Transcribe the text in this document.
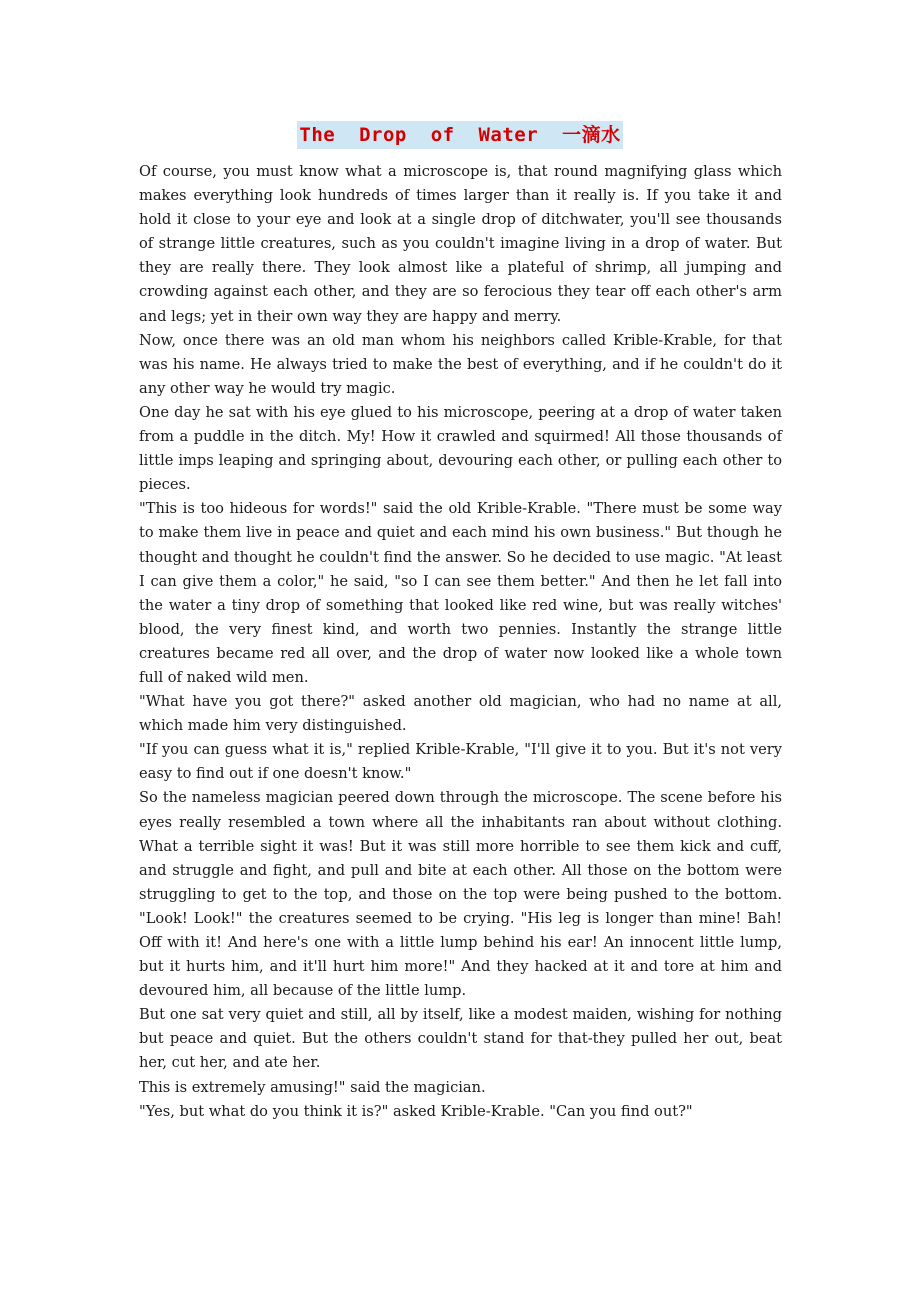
The  Drop  of  Water  一滴水

Of course, you must know what a microscope is, that round magnifying glass which makes everything look hundreds of times larger than it really is. If you take it and hold it close to your eye and look at a single drop of ditchwater, you'll see thousands of strange little creatures, such as you couldn't imagine living in a drop of water. But they are really there. They look almost like a plateful of shrimp, all jumping and crowding against each other, and they are so ferocious they tear off each other's arm and legs; yet in their own way they are happy and merry.

Now, once there was an old man whom his neighbors called Krible-Krable, for that was his name. He always tried to make the best of everything, and if he couldn't do it any other way he would try magic.

One day he sat with his eye glued to his microscope, peering at a drop of water taken from a puddle in the ditch. My! How it crawled and squirmed! All those thousands of little imps leaping and springing about, devouring each other, or pulling each other to pieces.

"This is too hideous for words!" said the old Krible-Krable. "There must be some way to make them live in peace and quiet and each mind his own business." But though he thought and thought he couldn't find the answer. So he decided to use magic. "At least I can give them a color," he said, "so I can see them better." And then he let fall into the water a tiny drop of something that looked like red wine, but was really witches' blood, the very finest kind, and worth two pennies. Instantly the strange little creatures became red all over, and the drop of water now looked like a whole town full of naked wild men.

"What have you got there?" asked another old magician, who had no name at all, which made him very distinguished.

"If you can guess what it is," replied Krible-Krable, "I'll give it to you. But it's not very easy to find out if one doesn't know."

So the nameless magician peered down through the microscope. The scene before his eyes really resembled a town where all the inhabitants ran about without clothing. What a terrible sight it was! But it was still more horrible to see them kick and cuff, and struggle and fight, and pull and bite at each other. All those on the bottom were struggling to get to the top, and those on the top were being pushed to the bottom. "Look! Look!" the creatures seemed to be crying. "His leg is longer than mine! Bah! Off with it! And here's one with a little lump behind his ear! An innocent little lump, but it hurts him, and it'll hurt him more!" And they hacked at it and tore at him and devoured him, all because of the little lump.

But one sat very quiet and still, all by itself, like a modest maiden, wishing for nothing but peace and quiet. But the others couldn't stand for that-they pulled her out, beat her, cut her, and ate her.

This is extremely amusing!" said the magician.

"Yes, but what do you think it is?" asked Krible-Krable. "Can you find out?"
